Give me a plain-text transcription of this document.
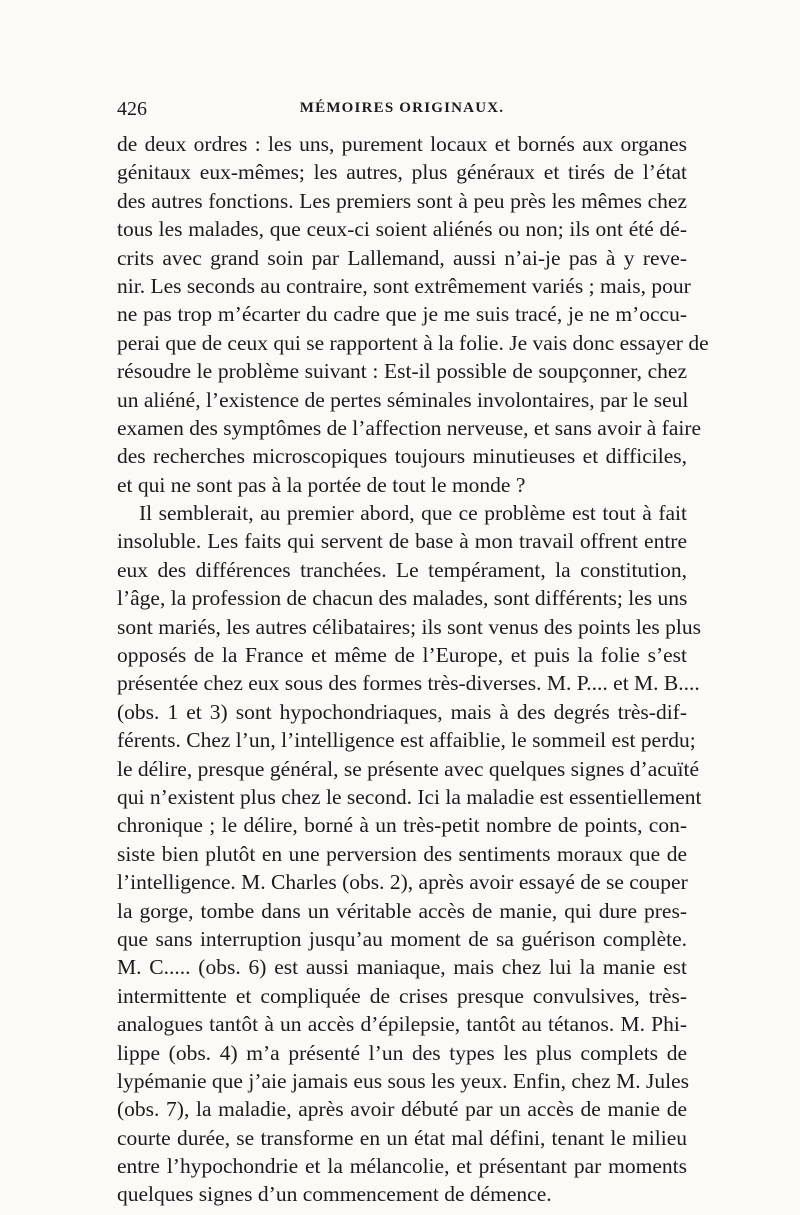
426	MÉMOIRES ORIGINAUX.
de deux ordres : les uns, purement locaux et bornés aux organes
génitaux eux-mêmes; les autres, plus généraux et tirés de l’état
des autres fonctions. Les premiers sont à peu près les mêmes chez
tous les malades, que ceux-ci soient aliénés ou non; ils ont été dé-
crits avec grand soin par Lallemand, aussi n’ai-je pas à y reve-
nir. Les seconds au contraire, sont extrêmement variés ; mais, pour
ne pas trop m’écarter du cadre que je me suis tracé, je ne m’occu-
perai que de ceux qui se rapportent à la folie. Je vais donc essayer de
résoudre le problème suivant : Est-il possible de soupçonner, chez
un aliéné, l’existence de pertes séminales involontaires, par le seul
examen des symptômes de l’affection nerveuse, et sans avoir à faire
des recherches microscopiques toujours minutieuses et difficiles,
et qui ne sont pas à la portée de tout le monde ?
Il semblerait, au premier abord, que ce problème est tout à fait
insoluble. Les faits qui servent de base à mon travail offrent entre
eux des différences tranchées. Le tempérament, la constitution,
l’âge, la profession de chacun des malades, sont différents; les uns
sont mariés, les autres célibataires; ils sont venus des points les plus
opposés de la France et même de l’Europe, et puis la folie s’est
présentée chez eux sous des formes très-diverses. M. P.... et M. B....
(obs. 1 et 3) sont hypochondriaques, mais à des degrés très-dif-
férents. Chez l’un, l’intelligence est affaiblie, le sommeil est perdu;
le délire, presque général, se présente avec quelques signes d’acuïté
qui n’existent plus chez le second. Ici la maladie est essentiellement
chronique ; le délire, borné à un très-petit nombre de points, con-
siste bien plutôt en une perversion des sentiments moraux que de
l’intelligence. M. Charles (obs. 2), après avoir essayé de se couper
la gorge, tombe dans un véritable accès de manie, qui dure pres-
que sans interruption jusqu’au moment de sa guérison complète.
M. C..... (obs. 6) est aussi maniaque, mais chez lui la manie est
intermittente et compliquée de crises presque convulsives, très-
analogues tantôt à un accès d’épilepsie, tantôt au tétanos. M. Phi-
lippe (obs. 4) m’a présenté l’un des types les plus complets de
lypémanie que j’aie jamais eus sous les yeux. Enfin, chez M. Jules
(obs. 7), la maladie, après avoir débuté par un accès de manie de
courte durée, se transforme en un état mal défini, tenant le milieu
entre l’hypochondrie et la mélancolie, et présentant par moments
quelques signes d’un commencement de démence.
